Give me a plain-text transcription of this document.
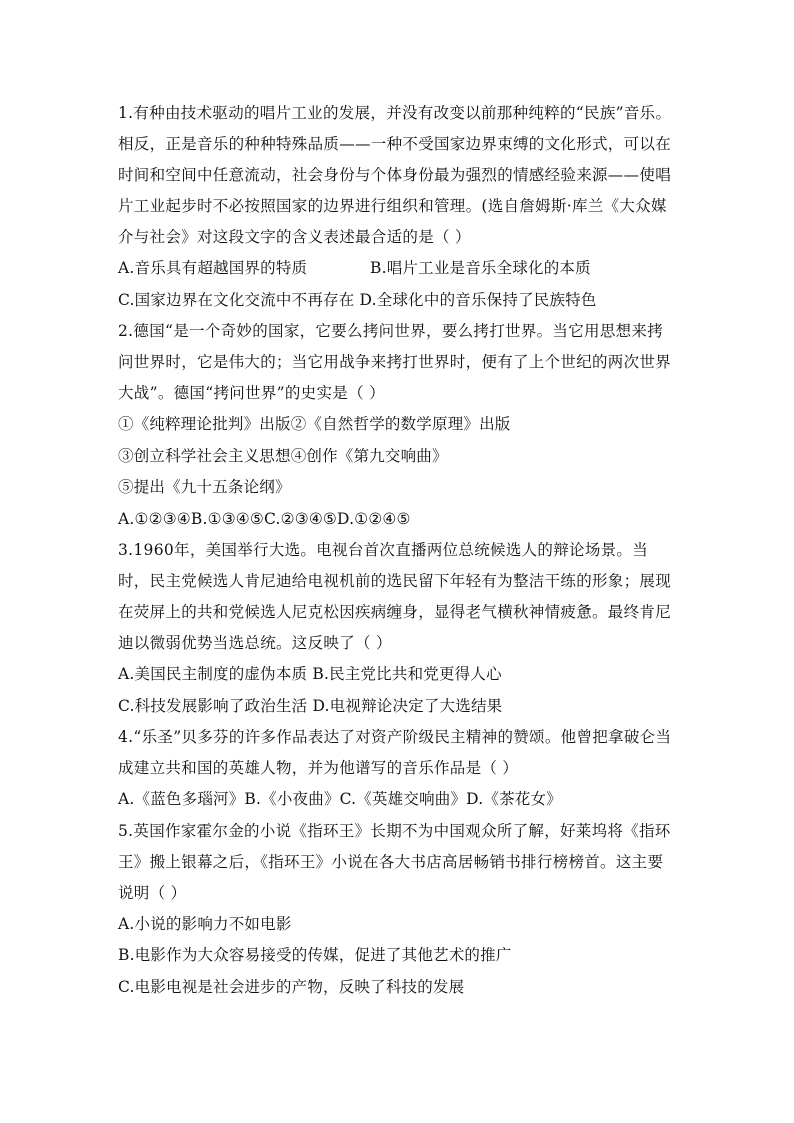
1.有种由技术驱动的唱片工业的发展，并没有改变以前那种纯粹的“民族”音乐。相反，正是音乐的种种特殊品质——一种不受国家边界束缚的文化形式，可以在时间和空间中任意流动，社会身份与个体身份最为强烈的情感经验来源——使唱片工业起步时不必按照国家的边界进行组织和管理。(选自詹姆斯·库兰《大众媒介与社会》对这段文字的含义表述最合适的是（ ）

A.音乐具有超越国界的特质	B.唱片工业是音乐全球化的本质

C.国家边界在文化交流中不再存在 D.全球化中的音乐保持了民族特色

2.德国“是一个奇妙的国家，它要么拷问世界，要么拷打世界。当它用思想来拷问世界时，它是伟大的；当它用战争来拷打世界时，便有了上个世纪的两次世界大战”。德国“拷问世界”的史实是（ ）

①《纯粹理论批判》出版②《自然哲学的数学原理》出版

③创立科学社会主义思想④创作《第九交响曲》

⑤提出《九十五条论纲》

A.①②③④B.①③④⑤C.②③④⑤D.①②④⑤

3.1960年，美国举行大选。电视台首次直播两位总统候选人的辩论场景。当时，民主党候选人肯尼迪给电视机前的选民留下年轻有为整洁干练的形象；展现在荧屏上的共和党候选人尼克松因疾病缠身，显得老气横秋神情疲惫。最终肯尼迪以微弱优势当选总统。这反映了（ ）

A.美国民主制度的虚伪本质 B.民主党比共和党更得人心

C.科技发展影响了政治生活 D.电视辩论决定了大选结果

4.“乐圣”贝多芬的许多作品表达了对资产阶级民主精神的赞颂。他曾把拿破仑当成建立共和国的英雄人物，并为他谱写的音乐作品是（ ）

A.《蓝色多瑙河》B.《小夜曲》C.《英雄交响曲》D.《茶花女》

5.英国作家霍尔金的小说《指环王》长期不为中国观众所了解，好莱坞将《指环王》搬上银幕之后，《指环王》小说在各大书店高居畅销书排行榜榜首。这主要说明（ ）

A.小说的影响力不如电影

B.电影作为大众容易接受的传媒，促进了其他艺术的推广

C.电影电视是社会进步的产物，反映了科技的发展
